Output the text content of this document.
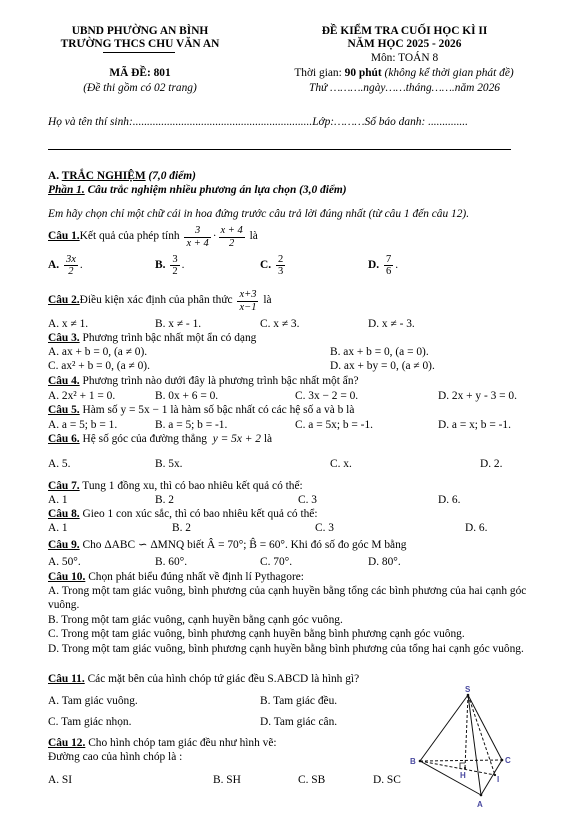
UBND PHƯỜNG AN BÌNH
TRƯỜNG THCS CHU VĂN AN
MÃ ĐỀ: 801
(Đề thi gồm có 02 trang)
ĐỀ KIỂM TRA CUỐI HỌC KÌ II
NĂM HỌC 2025 - 2026
Môn: TOÁN 8
Thời gian: 90 phút (không kể thời gian phát đề)
Thứ ……….ngày……tháng…….năm 2026
Họ và tên thí sinh:...............................................................Lớp:………Số báo danh: ..............
A. TRẮC NGHIỆM (7,0 điểm)
Phần 1. Câu trắc nghiệm nhiều phương án lựa chọn (3,0 điểm)
Em hãy chọn chỉ một chữ cái in hoa đứng trước câu trả lời đúng nhất (từ câu 1 đến câu 12).
Câu 1. Kết quả của phép tính
$\frac{3}{x + 4} \cdot \frac{x + 4}{2}$
là
A. $\frac{3x}{2}$ .	B. $\frac{3}{2}$ .	C. $\frac{2}{3}$	D. $\frac{7}{6}$ .
Câu 2. Điều kiện xác định của phân thức
$\frac{x+3}{x-1}$
là
A. x ≠ 1.	B. x ≠ - 1.	C. x ≠ 3.	D. x ≠ - 3.
Câu 3. Phương trình bậc nhất một ẩn có dạng
A. ax + b = 0, (a ≠ 0).	B. ax + b = 0, (a = 0).
C. ax² + b = 0, (a ≠ 0).	D. ax + by = 0, (a ≠ 0).
Câu 4. Phương trình nào dưới đây là phương trình bậc nhất một ẩn?
A. 2x² + 1 = 0.	B. 0x + 6 = 0.	C. 3x − 2 = 0.	D. 2x + y - 3 = 0.
Câu 5. Hàm số y = 5x − 1 là hàm số bậc nhất có các hệ số a và b là
A. a = 5; b = 1.	B. a = 5; b = -1.	C. a = 5x; b = -1.	D. a = x; b = -1.
Câu 6. Hệ số góc của đường thẳng y = 5x + 2 là
A. 5.	B. 5x.	C. x.	D. 2.
Câu 7. Tung 1 đồng xu, thì có bao nhiêu kết quả có thể:
A. 1	B. 2	C. 3	D. 6.
Câu 8. Gieo 1 con xúc sắc, thì có bao nhiêu kết quả có thể:
A. 1	B. 2	C. 3	D. 6.
Câu 9. Cho ΔABC ∽ ΔMNQ biết Â = 70°; B̂ = 60°. Khi đó số đo góc M bằng
A. 50°.	B. 60°.	C. 70°.	D. 80°.
Câu 10. Chọn phát biểu đúng nhất về định lí Pythagore:
A. Trong một tam giác vuông, bình phương của cạnh huyền bằng tổng các bình phương của hai cạnh góc vuông.
B. Trong một tam giác vuông, cạnh huyền bằng cạnh góc vuông.
C. Trong một tam giác vuông, bình phương cạnh huyền bằng bình phương cạnh góc vuông.
D. Trong một tam giác vuông, bình phương cạnh huyền bằng bình phương của tổng hai cạnh góc vuông.
Câu 11. Các mặt bên của hình chóp tứ giác đều S.ABCD là hình gì?
A. Tam giác vuông.	B. Tam giác đều.
C. Tam giác nhọn.	D. Tam giác cân.
Câu 12. Cho hình chóp tam giác đều như hình vẽ:
Đường cao của hình chóp là :
A. SI	B. SH	C. SB	D. SC
S
B	C
H	I
A
